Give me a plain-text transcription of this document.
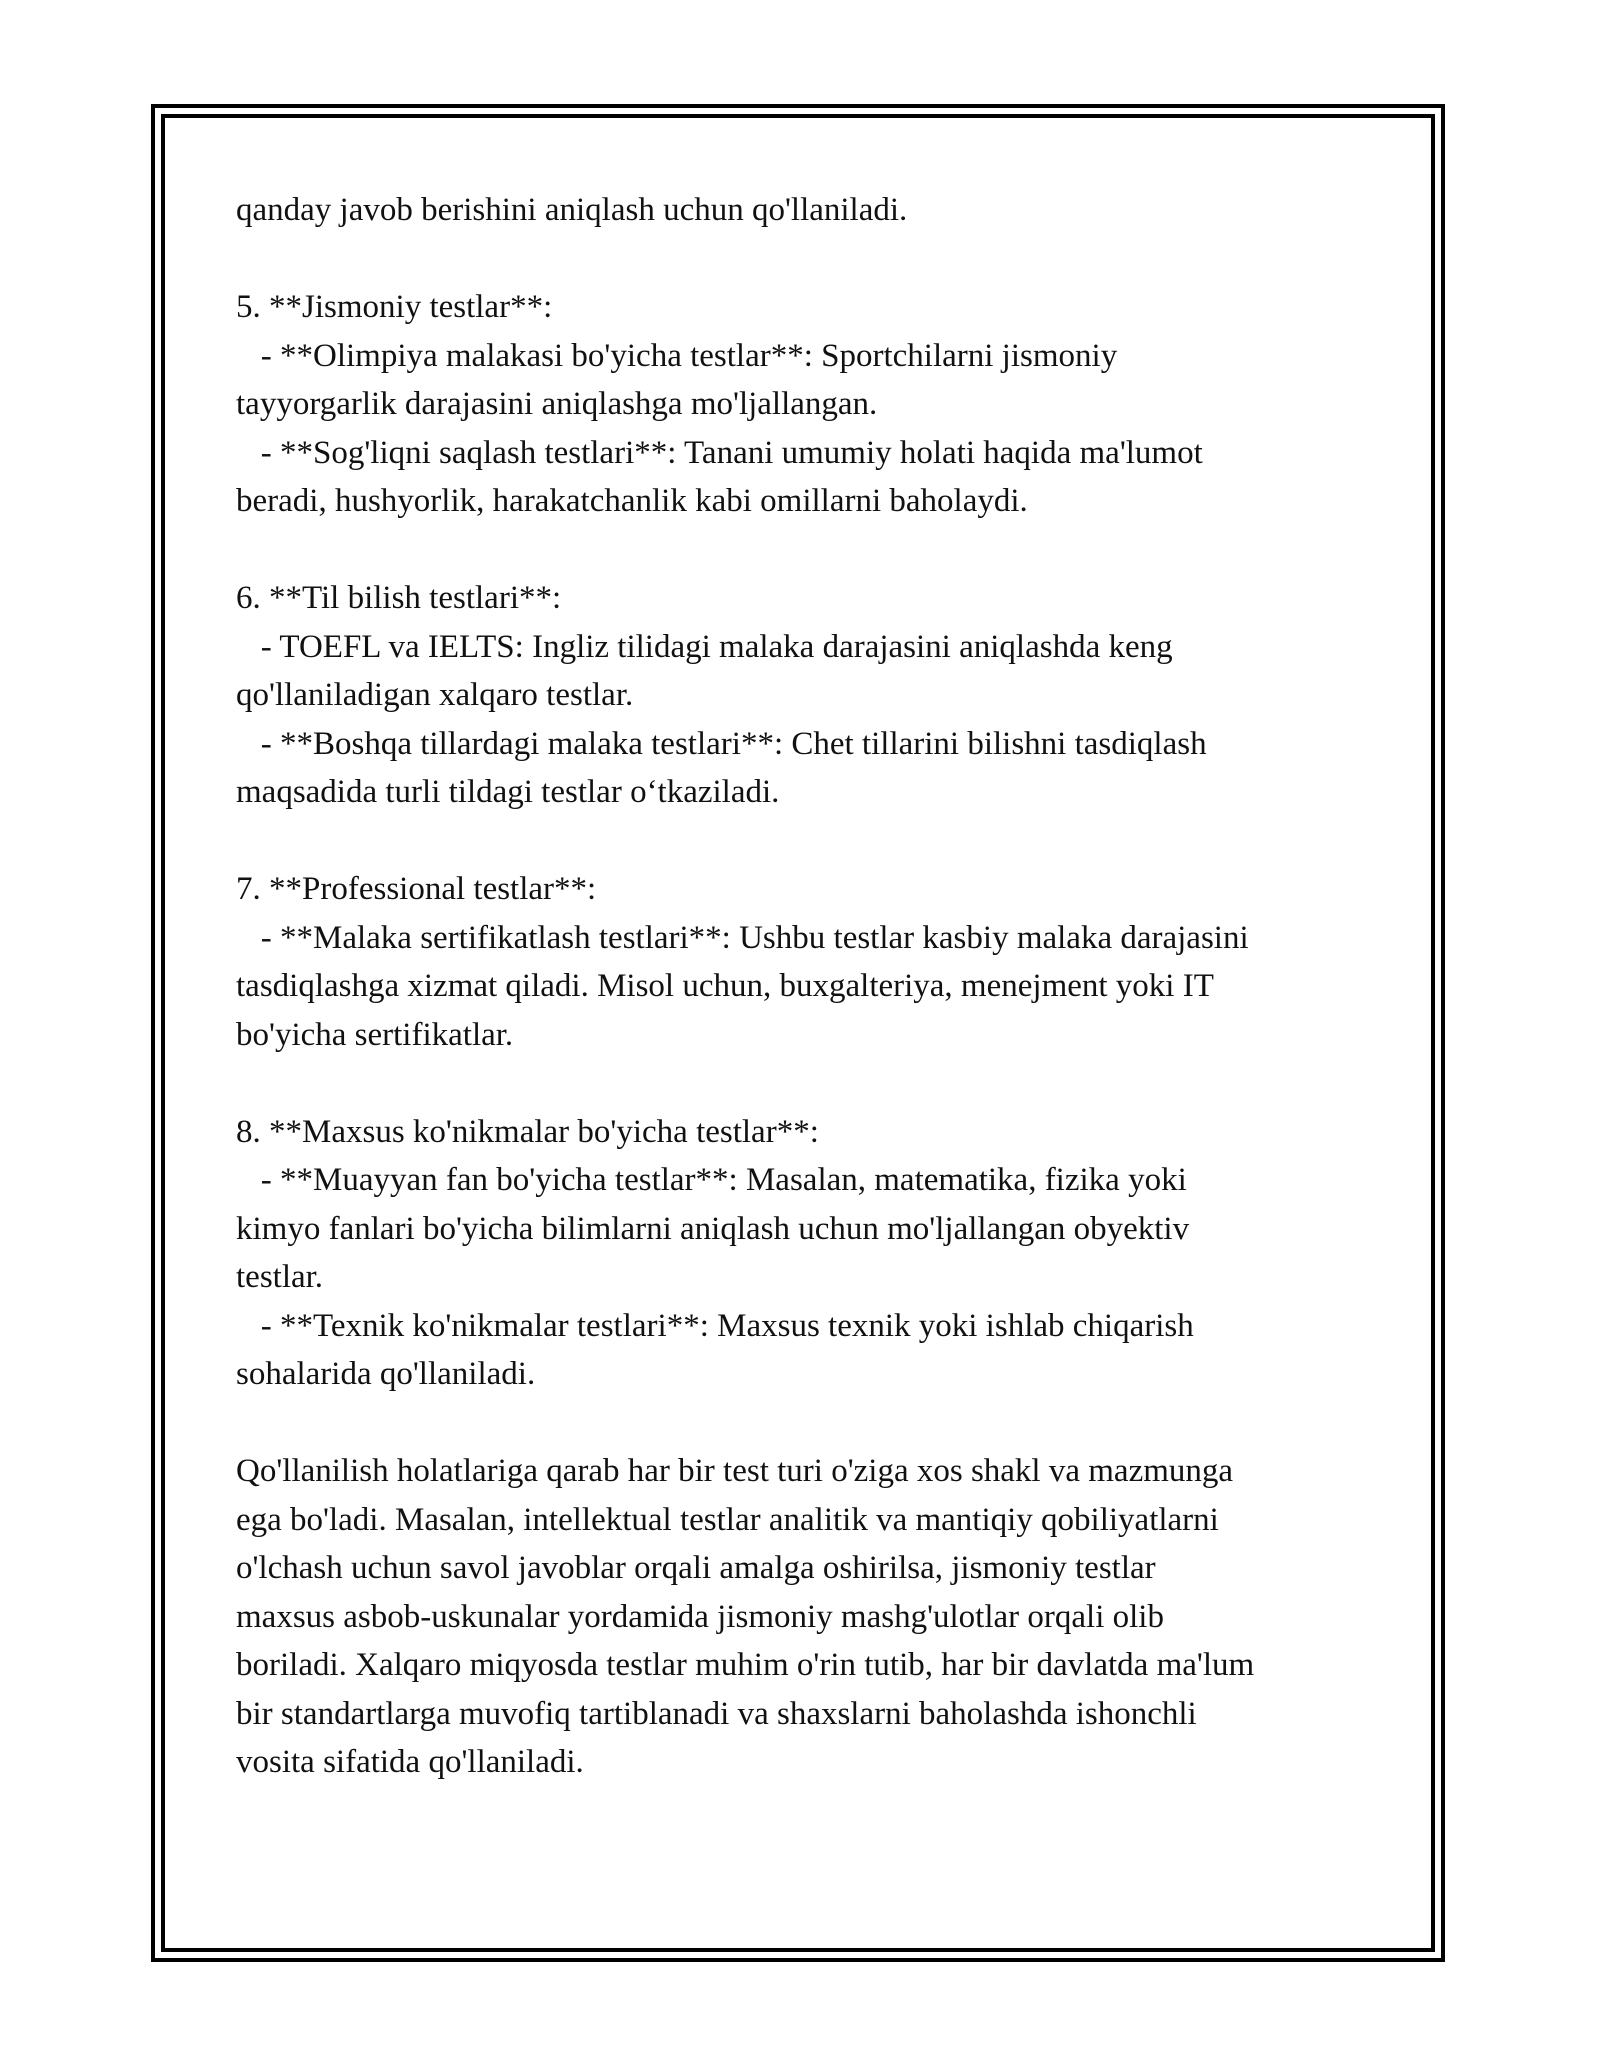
qanday javob berishini aniqlash uchun qo'llaniladi.
5. **Jismoniy testlar**:
- **Olimpiya malakasi bo'yicha testlar**: Sportchilarni jismoniy
tayyorgarlik darajasini aniqlashga mo'ljallangan.
- **Sog'liqni saqlash testlari**: Tanani umumiy holati haqida ma'lumot
beradi, hushyorlik, harakatchanlik kabi omillarni baholaydi.
6. **Til bilish testlari**:
- TOEFL va IELTS: Ingliz tilidagi malaka darajasini aniqlashda keng
qo'llaniladigan xalqaro testlar.
- **Boshqa tillardagi malaka testlari**: Chet tillarini bilishni tasdiqlash
maqsadida turli tildagi testlar o‘tkaziladi.
7. **Professional testlar**:
- **Malaka sertifikatlash testlari**: Ushbu testlar kasbiy malaka darajasini
tasdiqlashga xizmat qiladi. Misol uchun, buxgalteriya, menejment yoki IT
bo'yicha sertifikatlar.
8. **Maxsus ko'nikmalar bo'yicha testlar**:
- **Muayyan fan bo'yicha testlar**: Masalan, matematika, fizika yoki
kimyo fanlari bo'yicha bilimlarni aniqlash uchun mo'ljallangan obyektiv
testlar.
- **Texnik ko'nikmalar testlari**: Maxsus texnik yoki ishlab chiqarish
sohalarida qo'llaniladi.
Qo'llanilish holatlariga qarab har bir test turi o'ziga xos shakl va mazmunga
ega bo'ladi. Masalan, intellektual testlar analitik va mantiqiy qobiliyatlarni
o'lchash uchun savol javoblar orqali amalga oshirilsa, jismoniy testlar
maxsus asbob-uskunalar yordamida jismoniy mashg'ulotlar orqali olib
boriladi. Xalqaro miqyosda testlar muhim o'rin tutib, har bir davlatda ma'lum
bir standartlarga muvofiq tartiblanadi va shaxslarni baholashda ishonchli
vosita sifatida qo'llaniladi.
